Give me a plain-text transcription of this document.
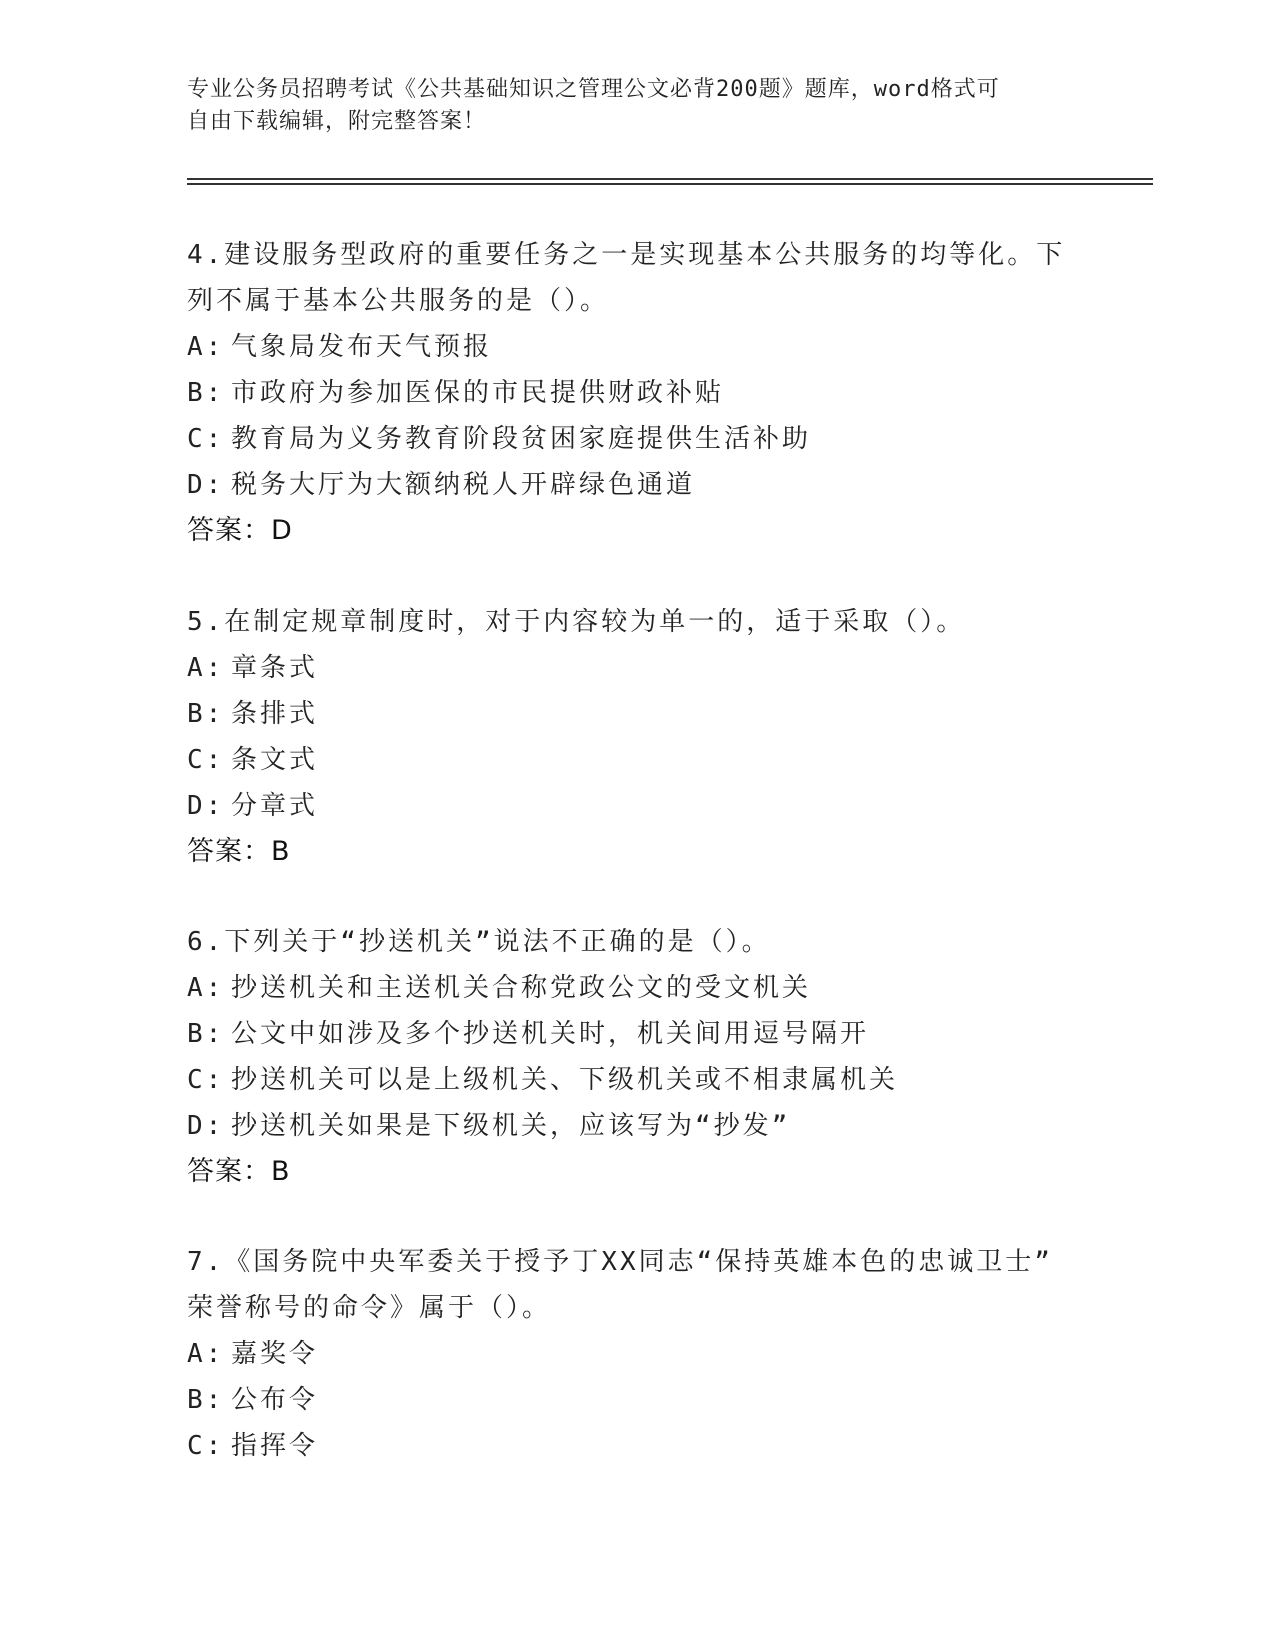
专业公务员招聘考试《公共基础知识之管理公文必背200题》题库，word格式可
自由下载编辑，附完整答案！
4.建设服务型政府的重要任务之一是实现基本公共服务的均等化。下
列不属于基本公共服务的是（）。
A: 气象局发布天气预报
B: 市政府为参加医保的市民提供财政补贴
C: 教育局为义务教育阶段贫困家庭提供生活补助
D: 税务大厅为大额纳税人开辟绿色通道
答案：D
5.在制定规章制度时，对于内容较为单一的，适于采取（）。
A: 章条式
B: 条排式
C: 条文式
D: 分章式
答案：B
6.下列关于“抄送机关”说法不正确的是（）。
A: 抄送机关和主送机关合称党政公文的受文机关
B: 公文中如涉及多个抄送机关时，机关间用逗号隔开
C: 抄送机关可以是上级机关、下级机关或不相隶属机关
D: 抄送机关如果是下级机关，应该写为“抄发”
答案：B
7.《国务院中央军委关于授予丁XX同志“保持英雄本色的忠诚卫士”
荣誉称号的命令》属于（）。
A: 嘉奖令
B: 公布令
C: 指挥令
